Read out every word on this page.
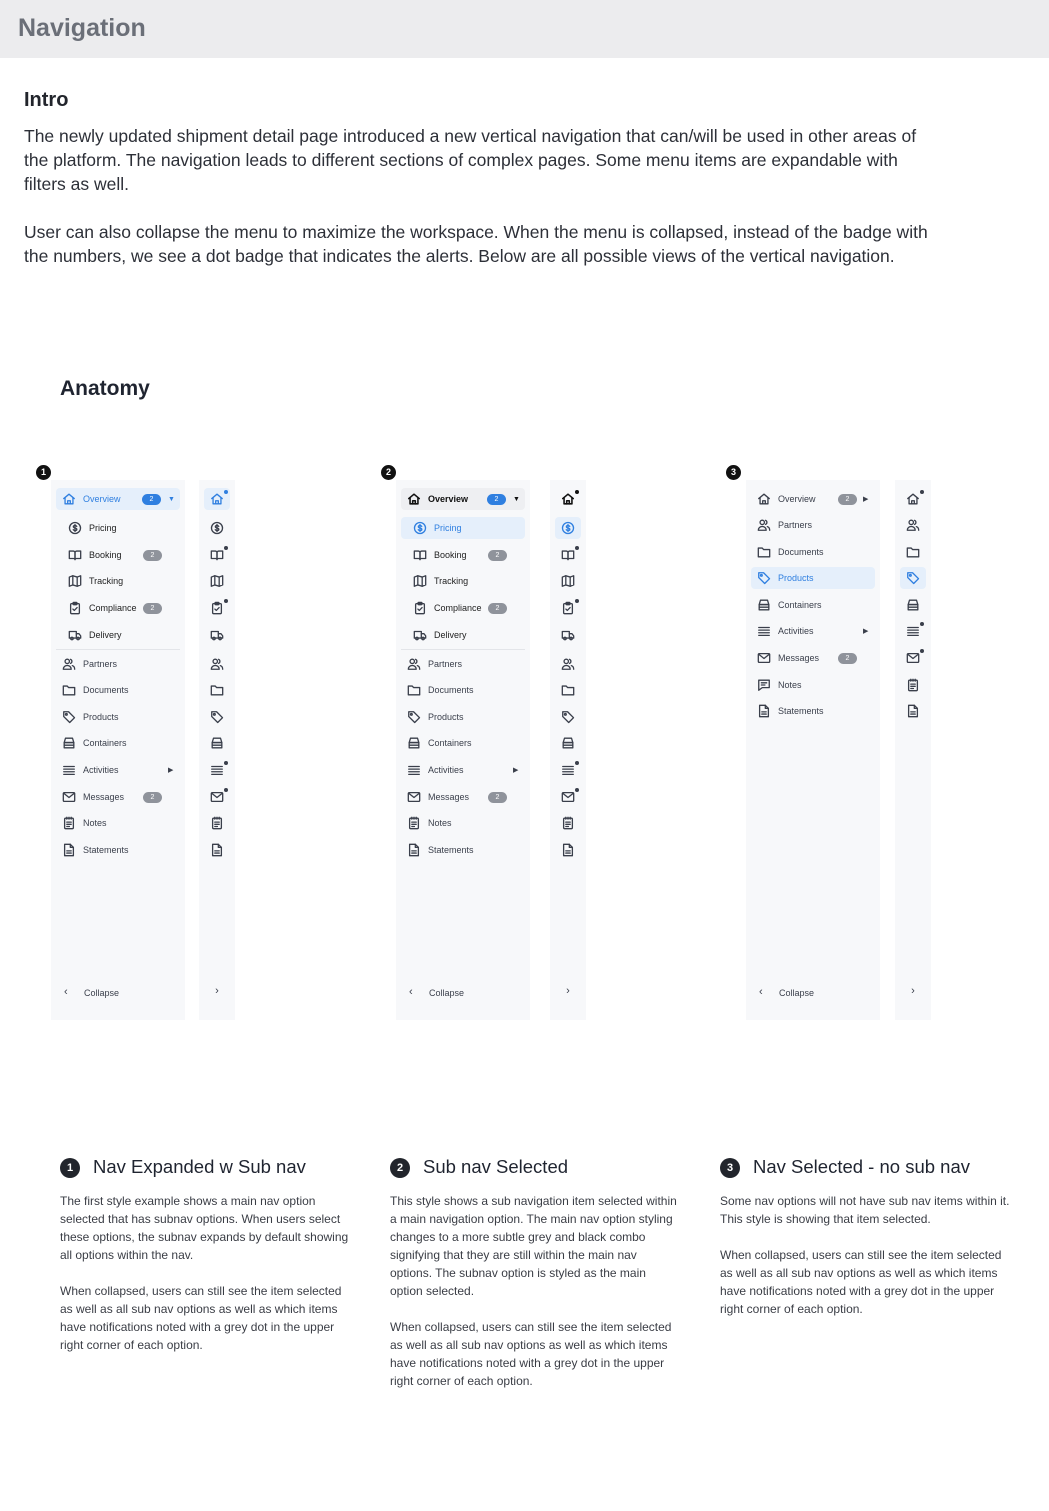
Navigation
Intro

The newly updated shipment detail page introduced a new vertical navigation that can/will be used in other areas of the platform. The navigation leads to different sections of complex pages. Some menu items are expandable with filters as well.

User can also collapse the menu to maximize the workspace. When the menu is collapsed, instead of the badge with the numbers, we see a dot badge that indicates the alerts. Below are all possible views of the vertical navigation.

Anatomy
1	2	3
Overview	2	▼
Pricing
Booking	2
Tracking
Compliance	2
Delivery
Partners
Documents
Products
Containers
Activities	▶
Messages	2
Notes
Statements
‹ Collapse	›
Overview	2	▼
Pricing
Booking	2
Tracking
Compliance	2
Delivery
Partners
Documents
Products
Containers
Activities	▶
Messages	2
Notes
Statements
‹ Collapse	›
Overview	2	▶
Partners
Documents
Products
Containers
Activities	▶
Messages	2
Notes
Statements
‹ Collapse	›
1	Nav Expanded w Sub nav

The first style example shows a main nav option selected that has subnav options. When users select these options, the subnav expands by default showing all options within the nav.

When collapsed, users can still see the item selected as well as all sub nav options as well as which items have notifications noted with a grey dot in the upper right corner of each option.

2	Sub nav Selected

This style shows a sub navigation item selected within a main navigation option. The main nav option styling changes to a more subtle grey and black combo signifying that they are still within the main nav options. The subnav option is styled as the main option selected.

When collapsed, users can still see the item selected as well as all sub nav options as well as which items have notifications noted with a grey dot in the upper right corner of each option.

3	Nav Selected - no sub nav

Some nav options will not have sub nav items within it. This style is showing that item selected.

When collapsed, users can still see the item selected as well as all sub nav options as well as which items have notifications noted with a grey dot in the upper right corner of each option.
